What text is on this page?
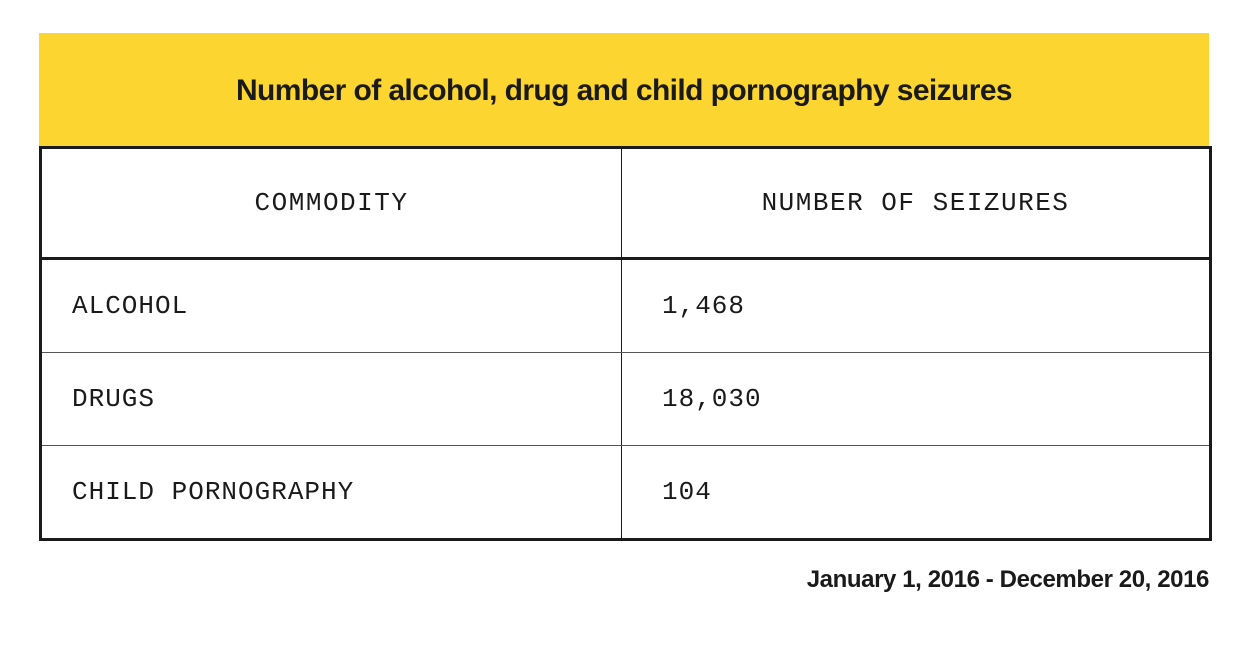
Number of alcohol, drug and child pornography seizures
COMMODITY	NUMBER OF SEIZURES
ALCOHOL	1,468
DRUGS	18,030
CHILD PORNOGRAPHY	104
January 1, 2016 - December 20, 2016
